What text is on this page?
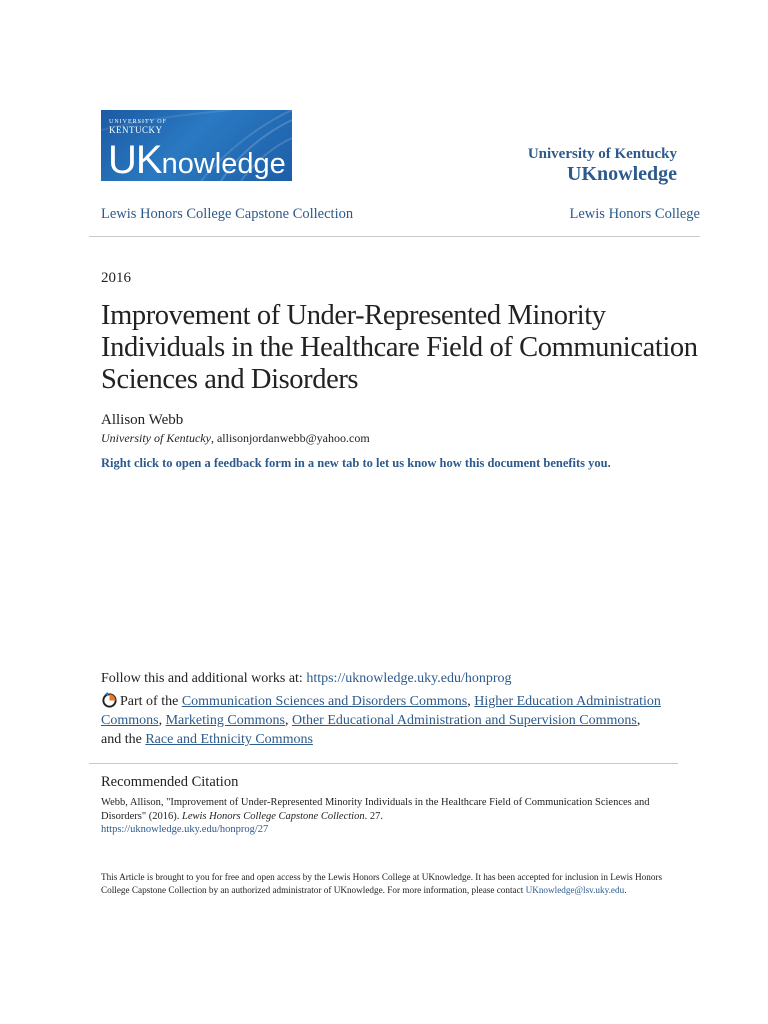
UNIVERSITY OF
KENTUCKY
UKnowledge	University of Kentucky
UKnowledge
Lewis Honors College Capstone Collection	Lewis Honors College
2016
Improvement of Under-Represented Minority Individuals in the Healthcare Field of Communication Sciences and Disorders
Allison Webb
University of Kentucky, allisonjordanwebb@yahoo.com
Right click to open a feedback form in a new tab to let us know how this document benefits you.
Follow this and additional works at: https://uknowledge.uky.edu/honprog
Part of the Communication Sciences and Disorders Commons, Higher Education Administration Commons, Marketing Commons, Other Educational Administration and Supervision Commons, and the Race and Ethnicity Commons
Recommended Citation
Webb, Allison, "Improvement of Under-Represented Minority Individuals in the Healthcare Field of Communication Sciences and Disorders" (2016). Lewis Honors College Capstone Collection. 27.
https://uknowledge.uky.edu/honprog/27
This Article is brought to you for free and open access by the Lewis Honors College at UKnowledge. It has been accepted for inclusion in Lewis Honors College Capstone Collection by an authorized administrator of UKnowledge. For more information, please contact UKnowledge@lsv.uky.edu.
